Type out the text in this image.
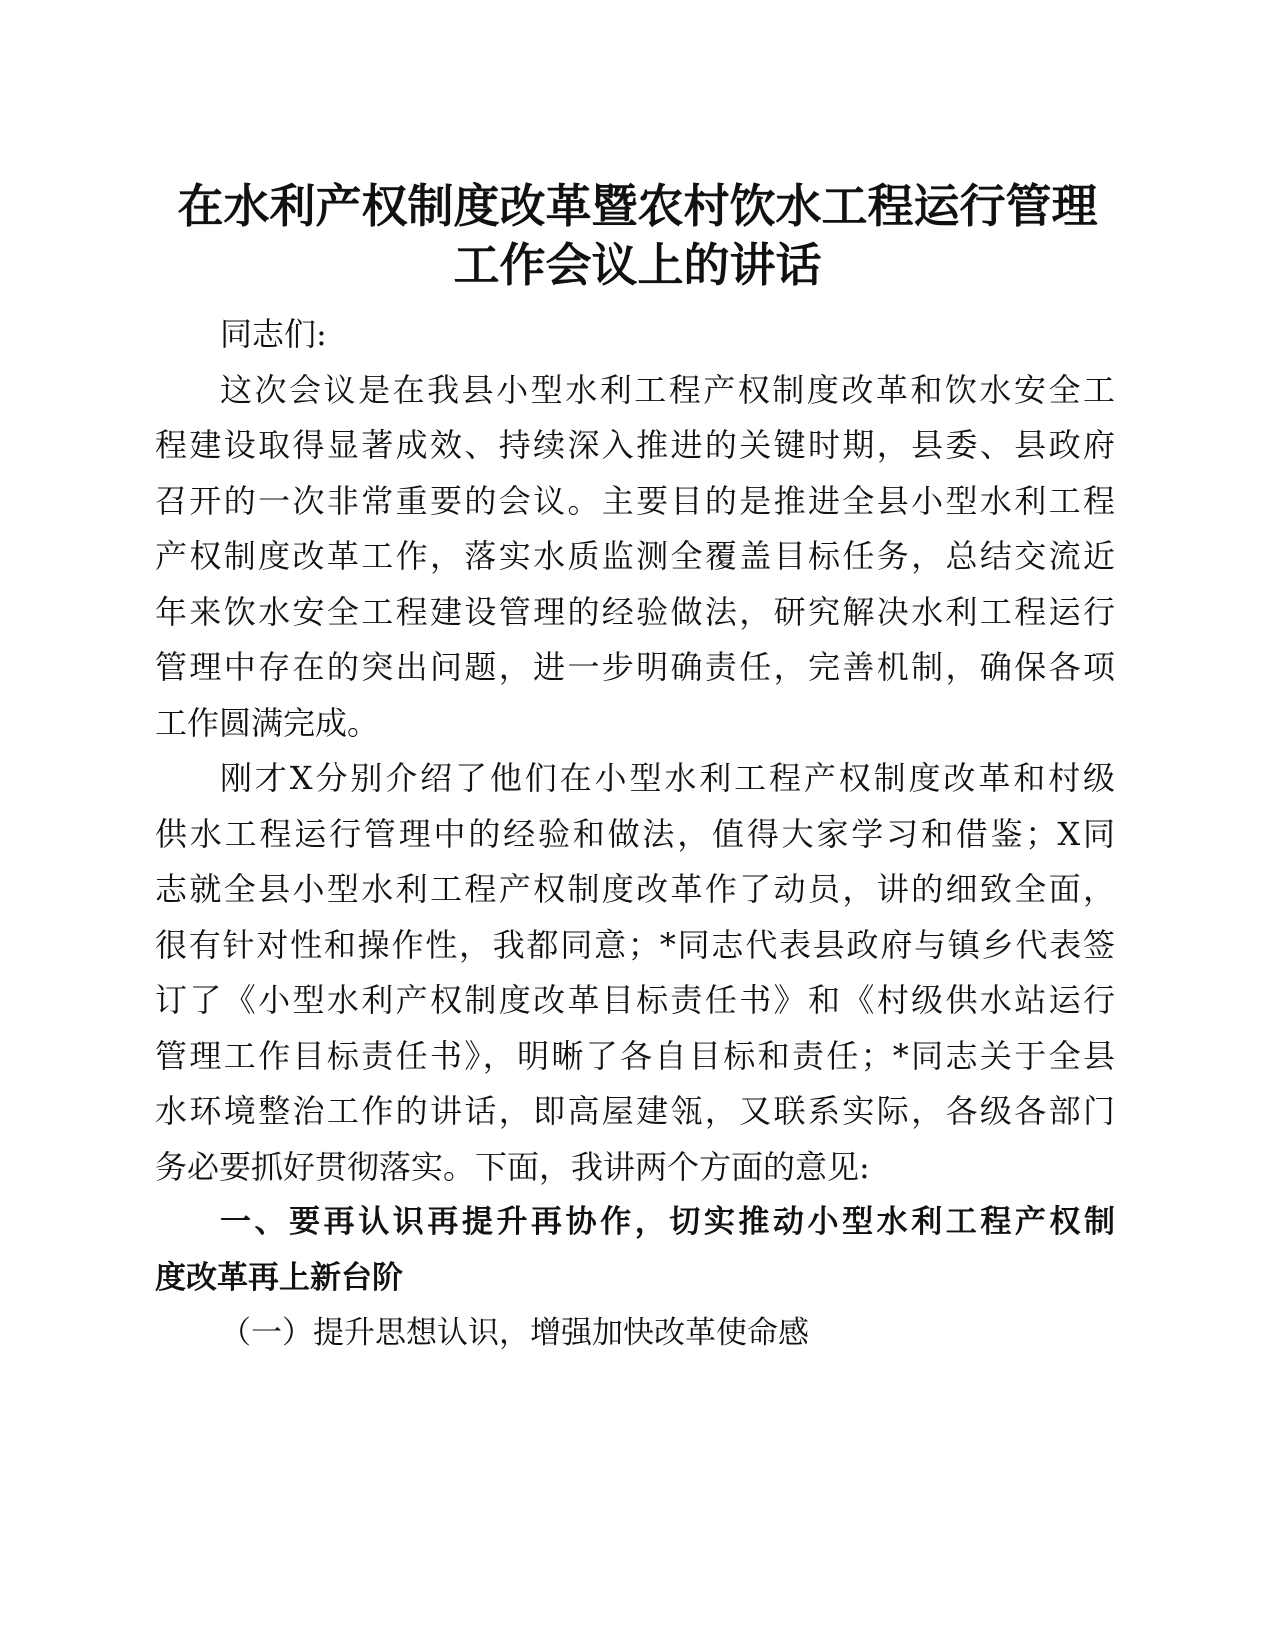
在水利产权制度改革暨农村饮水工程运行管理
工作会议上的讲话
同志们:
这次会议是在我县小型水利工程产权制度改革和饮水安全工
程建设取得显著成效、持续深入推进的关键时期，县委、县政府
召开的一次非常重要的会议。主要目的是推进全县小型水利工程
产权制度改革工作，落实水质监测全覆盖目标任务，总结交流近
年来饮水安全工程建设管理的经验做法，研究解决水利工程运行
管理中存在的突出问题，进一步明确责任，完善机制，确保各项
工作圆满完成。
刚才X分别介绍了他们在小型水利工程产权制度改革和村级
供水工程运行管理中的经验和做法，值得大家学习和借鉴；X同
志就全县小型水利工程产权制度改革作了动员，讲的细致全面，
很有针对性和操作性，我都同意；*同志代表县政府与镇乡代表签
订了《小型水利产权制度改革目标责任书》和《村级供水站运行
管理工作目标责任书》，明晰了各自目标和责任；*同志关于全县
水环境整治工作的讲话，即高屋建瓴，又联系实际，各级各部门
务必要抓好贯彻落实。下面，我讲两个方面的意见:
一、要再认识再提升再协作，切实推动小型水利工程产权制
度改革再上新台阶
（一）提升思想认识，增强加快改革使命感
